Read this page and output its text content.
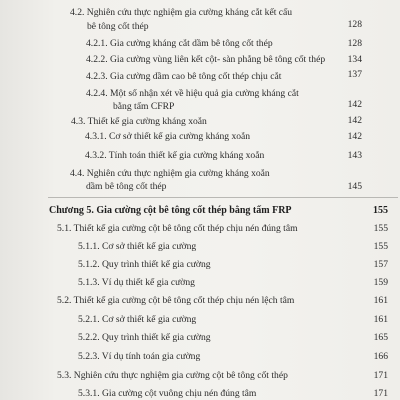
4.2. Nghiên cứu thực nghiệm gia cường kháng cắt kết cấu
bê tông cốt thép	128
4.2.1. Gia cường kháng cắt dầm bê tông cốt thép	128
4.2.2. Gia cường vùng liên kết cột- sàn phẳng bê tông cốt thép	134
4.2.3. Gia cường dầm cao bê tông cốt thép chịu cắt	137
4.2.4. Một số nhận xét về hiệu quả gia cường kháng cắt
bằng tấm CFRP	142
4.3. Thiết kế gia cường kháng xoắn	142
4.3.1. Cơ sở thiết kế gia cường kháng xoắn	142
4.3.2. Tính toán thiết kế gia cường kháng xoắn	143
4.4. Nghiên cứu thực nghiệm gia cường kháng xoắn
dầm bê tông cốt thép	145
Chương 5. Gia cường cột bê tông cốt thép bằng tấm FRP	155
5.1. Thiết kế gia cường cột bê tông cốt thép chịu nén đúng tâm	155
5.1.1. Cơ sở thiết kế gia cường	155
5.1.2. Quy trình thiết kế gia cường	157
5.1.3. Ví dụ thiết kế gia cường	159
5.2. Thiết kế gia cường cột bê tông cốt thép chịu nén lệch tâm	161
5.2.1. Cơ sở thiết kế gia cường	161
5.2.2. Quy trình thiết kế gia cường	165
5.2.3. Ví dụ tính toán gia cường	166
5.3. Nghiên cứu thực nghiệm gia cường cột bê tông cốt thép	171
5.3.1. Gia cường cột vuông chịu nén đúng tâm	171
